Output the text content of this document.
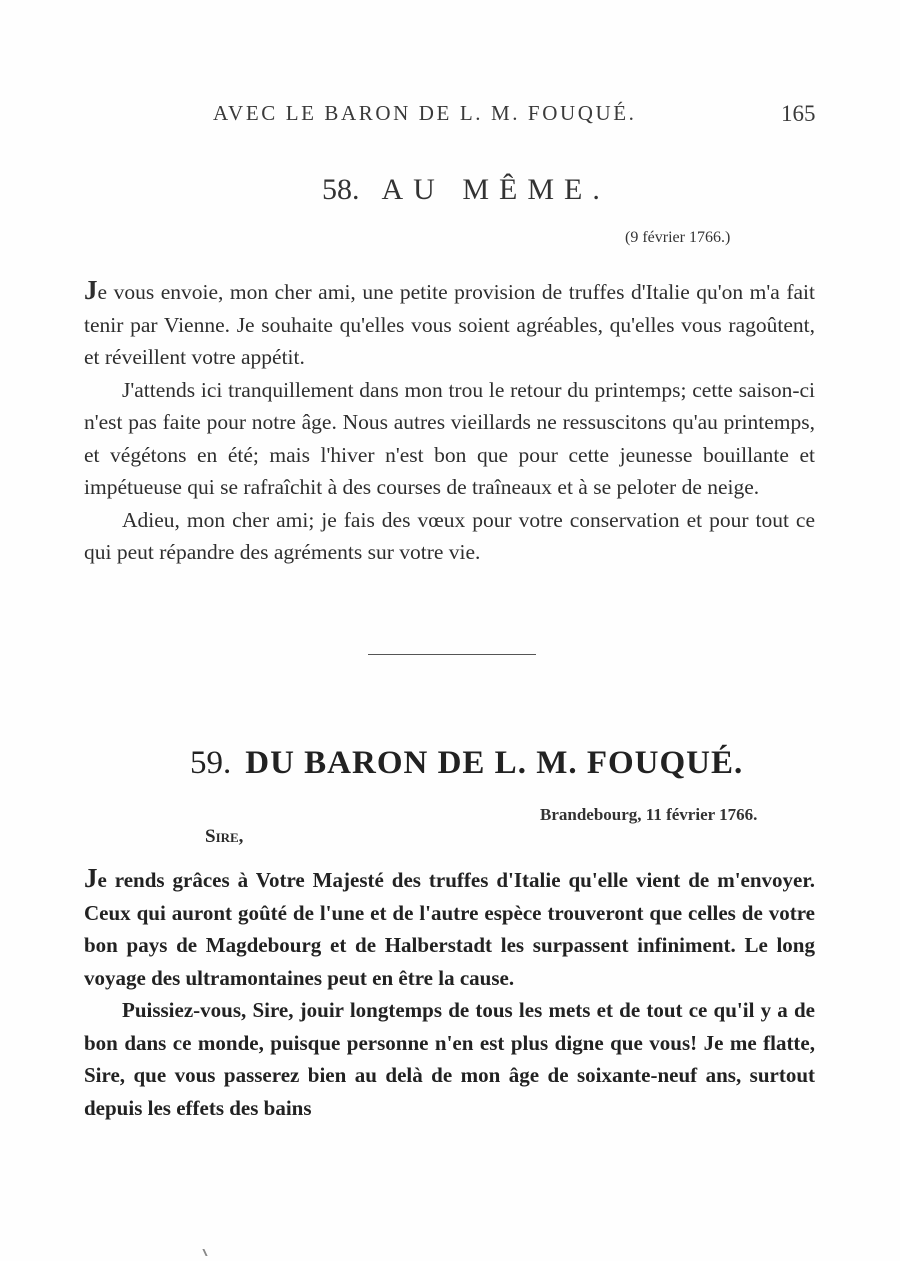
AVEC LE BARON DE L. M. FOUQUÉ.	165
58. AU MÊME.
(9 février 1766.)

Je vous envoie, mon cher ami, une petite provision de truffes d'Italie qu'on m'a fait tenir par Vienne. Je souhaite qu'elles vous soient agréables, qu'elles vous ragoûtent, et réveillent votre appétit.

J'attends ici tranquillement dans mon trou le retour du printemps; cette saison-ci n'est pas faite pour notre âge. Nous autres vieillards ne ressuscitons qu'au printemps, et végétons en été; mais l'hiver n'est bon que pour cette jeunesse bouillante et impétueuse qui se rafraîchit à des courses de traîneaux et à se peloter de neige.

Adieu, mon cher ami; je fais des vœux pour votre conservation et pour tout ce qui peut répandre des agréments sur votre vie.

59. DU BARON DE L. M. FOUQUÉ.
Brandebourg, 11 février 1766.
Sire,

Je rends grâces à Votre Majesté des truffes d'Italie qu'elle vient de m'envoyer. Ceux qui auront goûté de l'une et de l'autre espèce trouveront que celles de votre bon pays de Magdebourg et de Halberstadt les surpassent infiniment. Le long voyage des ultramontaines peut en être la cause.

Puissiez-vous, Sire, jouir longtemps de tous les mets et de tout ce qu'il y a de bon dans ce monde, puisque personne n'en est plus digne que vous! Je me flatte, Sire, que vous passerez bien au delà de mon âge de soixante-neuf ans, surtout depuis les effets des bains
